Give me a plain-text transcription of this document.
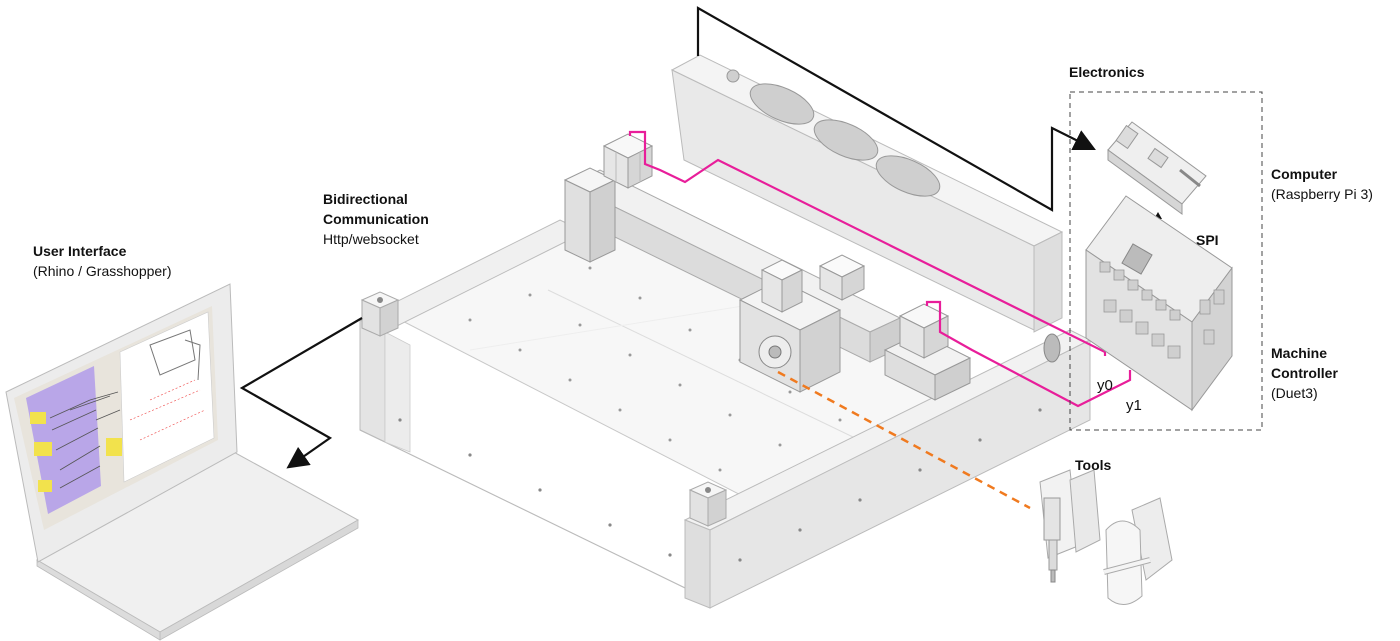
y0
y1
User Interface
(Rhino / Grasshopper)
Bidirectional
Communication
Http/websocket
Electronics
Computer
(Raspberry Pi 3)
SPI
Machine
Controller
(Duet3)
Tools
